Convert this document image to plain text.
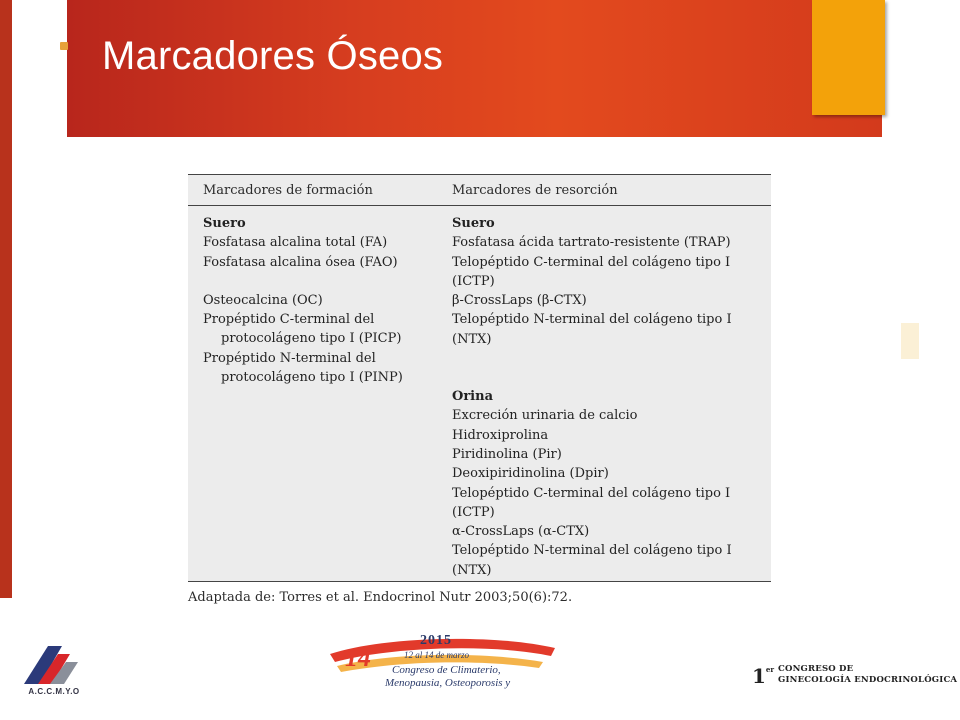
Marcadores Óseos
Marcadores de formación	Marcadores de resorción
Suero
Fosfatasa alcalina total (FA)
Fosfatasa alcalina ósea (FAO)
Osteocalcina (OC)
Propéptido C-terminal del
protocolágeno tipo I (PICP)
Propéptido N-terminal del
protocolágeno tipo I (PINP)
Suero
Fosfatasa ácida tartrato-resistente (TRAP)
Telopéptido C-terminal del colágeno tipo I
(ICTP)
β-CrossLaps (β-CTX)
Telopéptido N-terminal del colágeno tipo I
(NTX)
Orina
Excreción urinaria de calcio
Hidroxiprolina
Piridinolina (Pir)
Deoxipiridinolina (Dpir)
Telopéptido C-terminal del colágeno tipo I
(ICTP)
α-CrossLaps (α-CTX)
Telopéptido N-terminal del colágeno tipo I
(NTX)
Adaptada de: Torres et al. Endocrinol Nutr 2003;50(6):72.
A.C.C.M.Y.O
2015
12 al 14 de marzo
14 Congreso de Climaterio,
Menopausia, Osteoporosis y	1er CONGRESO DE
GINECOLOGÍA ENDOCRINOLÓGICA
